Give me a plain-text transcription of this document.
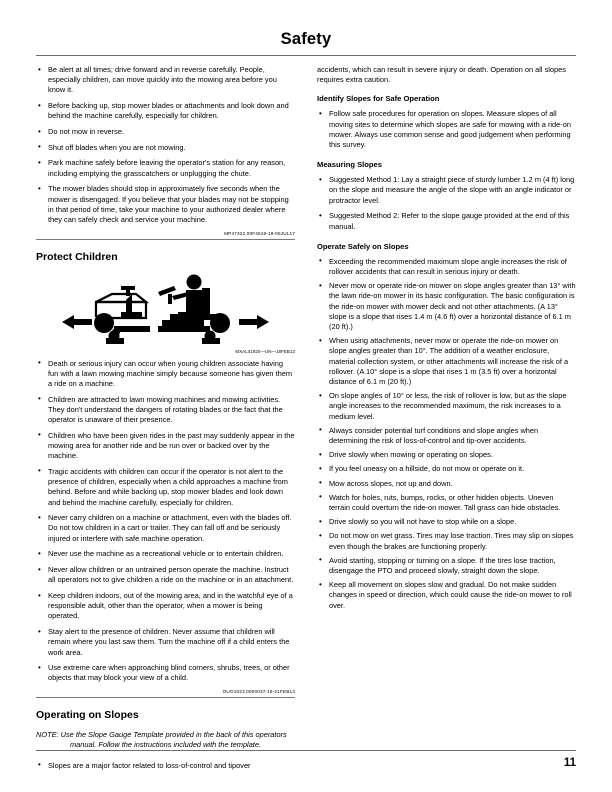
Safety
• Be alert at all times; drive forward and in reverse carefully. People, especially children, can move quickly into the mowing area before you know it.
• Before backing up, stop mower blades or attachments and look down and behind the machine carefully, especially for children.
• Do not mow in reverse.
• Shut off blades when you are not mowing.
• Park machine safely before leaving the operator's station for any reason, including emptying the grasscatchers or unplugging the chute.
• The mower blades should stop in approximately five seconds when the mower is disengaged. If you believe that your blades may not be stopping in that period of time, take your machine to your authorized dealer where they can safely check and service your machine.

MP47322,00F4619-19-05JUL17

Protect Children

MXAL41920—UN—18FEB13

• Death or serious injury can occur when young children associate having fun with a lawn mowing machine simply because someone has given them a ride on a machine.
• Children are attracted to lawn mowing machines and mowing activities. They don't understand the dangers of rotating blades or the fact that the operator is unaware of their presence.
• Children who have been given rides in the past may suddenly appear in the mowing area for another ride and be run over or backed over by the machine.
• Tragic accidents with children can occur if the operator is not alert to the presence of children, especially when a child approaches a machine from behind. Before and while backing up, stop mower blades and look down and behind the machine carefully, especially for children.
• Never carry children on a machine or attachment, even with the blades off. Do not tow children in a cart or trailer. They can fall off and be seriously injured or interfere with safe machine operation.
• Never use the machine as a recreational vehicle or to entertain children.
• Never allow children or an untrained person operate the machine. Instruct all operators not to give children a ride on the machine or in an attachment.
• Keep children indoors, out of the mowing area, and in the watchful eye of a responsible adult, other than the operator, when a mower is being operated.
• Stay alert to the presence of children. Never assume that children will remain where you last saw them. Turn the machine off if a child enters the work area.
• Use extreme care when approaching blind corners, shrubs, trees, or other objects that may block your view of a child.

OUO1023,0000037-19-21FEB13

Operating on Slopes

NOTE: Use the Slope Gauge Template provided in the back of this operators manual. Follow the instructions included with the template.

• Slopes are a major factor related to loss-of-control and tipover

accidents, which can result in severe injury or death. Operation on all slopes requires extra caution.

Identify Slopes for Safe Operation
• Follow safe procedures for operation on slopes. Measure slopes of all moving sites to determine which slopes are safe for mowing with a ride-on mower. Always use common sense and good judgement when performing this survey.
Measuring Slopes
• Suggested Method 1: Lay a straight piece of sturdy lumber 1.2 m (4 ft) long on the slope and measure the angle of the slope with an angle indicator or protractor level.
• Suggested Method 2: Refer to the slope gauge provided at the end of this manual.
Operate Safely on Slopes
• Exceeding the recommended maximum slope angle increases the risk of rollover accidents that can result in serious injury or death.
• Never mow or operate ride-on mower on slope angles greater than 13° with the lawn ride-on mower in its basic configuration. The basic configuration is the ride-on mower with mower deck and not other attachments. (A 13° slope is a slope that rises 1.4 m (4.6 ft) over a horizontal distance of 6.1 m (20 ft).)
• When using attachments, never mow or operate the ride-on mower on slope angles greater than 10°. The addition of a weather enclosure, material collection system, or other attachments will increase the risk of a rollover. (A 10° slope is a slope that rises 1 m (3.5 ft) over a horizontal distance of 6.1 m (20 ft).)
• On slope angles of 10° or less, the risk of rollover is low, but as the slope angle increases to the recommended maximum, the risk increases to a medium level.
• Always consider potential turf conditions and slope angles when determining the risk of loss-of-control and tip-over accidents.
• Drive slowly when mowing or operating on slopes.
• If you feel uneasy on a hillside, do not mow or operate on it.
• Mow across slopes, not up and down.
• Watch for holes, ruts, bumps, rocks, or other hidden objects. Uneven terrain could overturn the ride-on mower. Tall grass can hide obstacles.
• Drive slowly so you will not have to stop while on a slope.
• Do not mow on wet grass. Tires may lose traction. Tires may slip on slopes even though the brakes are functioning properly.
• Avoid starting, stopping or turning on a slope. If the tires lose traction, disengage the PTO and proceed slowly, straight down the slope.
• Keep all movement on slopes slow and gradual. Do not make sudden changes in speed or direction, which could cause the ride-on mower to roll over.
11
